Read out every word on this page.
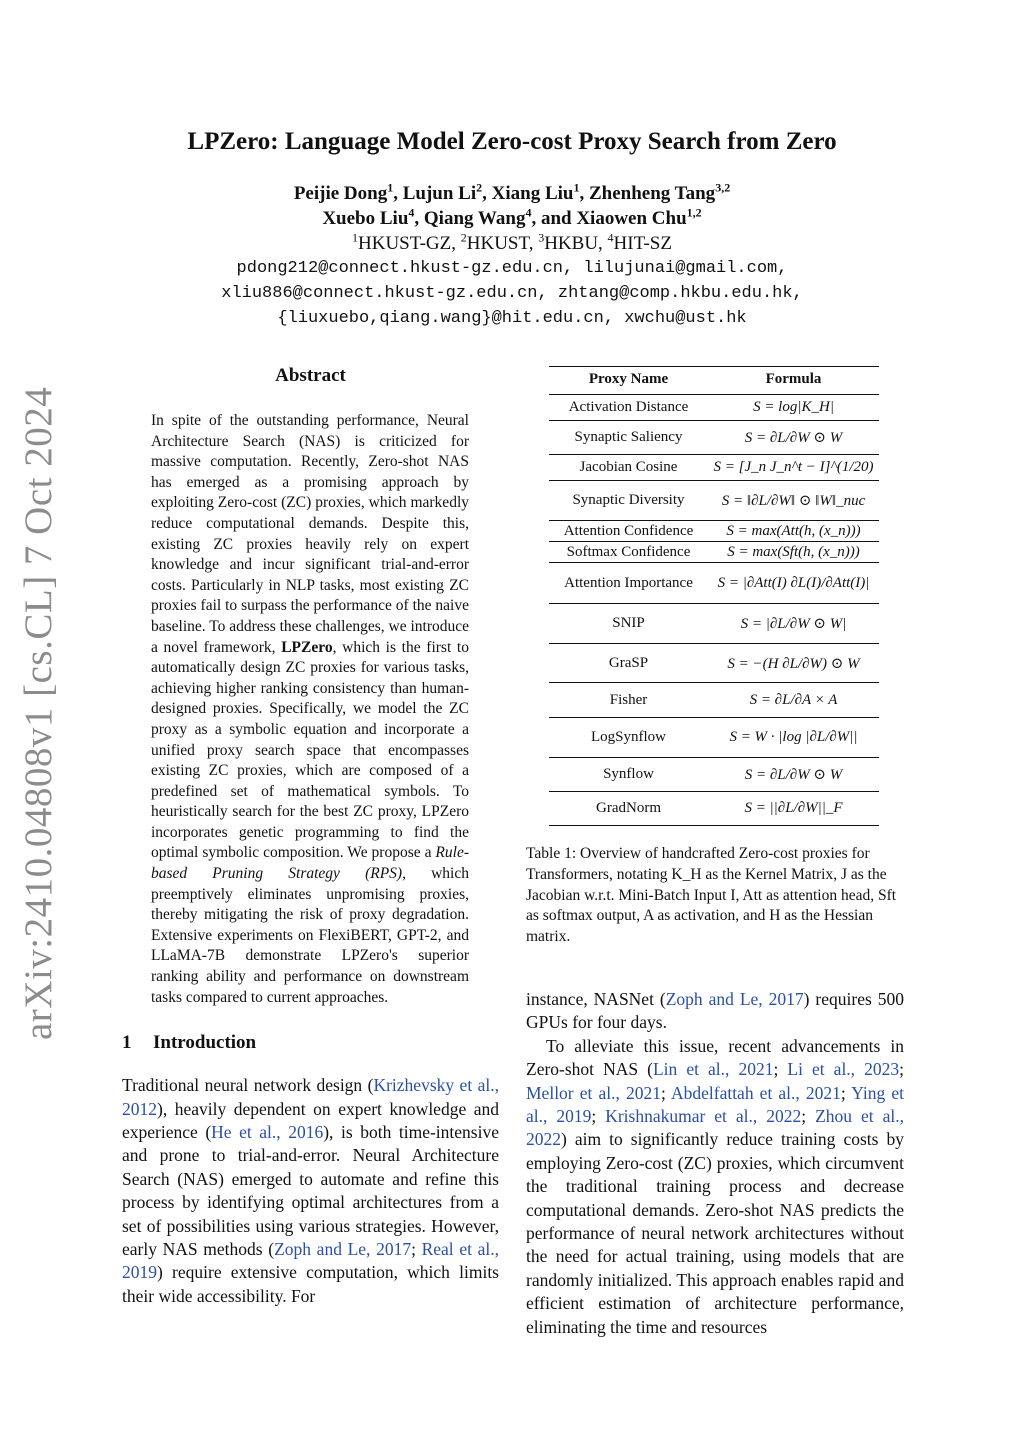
arXiv:2410.04808v1 [cs.CL] 7 Oct 2024
LPZero: Language Model Zero-cost Proxy Search from Zero
Peijie Dong$^1$, Lujun Li$^2$, Xiang Liu$^1$, Zhenheng Tang$^{3,2}$
Xuebo Liu$^4$, Qiang Wang$^4$, and Xiaowen Chu$^{1,2}$
$^1$HKUST-GZ, $^2$HKUST, $^3$HKBU, $^4$HIT-SZ
pdong212@connect.hkust-gz.edu.cn, lilujunai@gmail.com,
xliu886@connect.hkust-gz.edu.cn, zhtang@comp.hkbu.edu.hk,
{liuxuebo,qiang.wang}@hit.edu.cn, xwchu@ust.hk
Abstract
In spite of the outstanding performance, Neural Architecture Search (NAS) is criticized for massive computation. Recently, Zero-shot NAS has emerged as a promising approach by exploiting Zero-cost (ZC) proxies, which markedly reduce computational demands. Despite this, existing ZC proxies heavily rely on expert knowledge and incur significant trial-and-error costs. Particularly in NLP tasks, most existing ZC proxies fail to surpass the performance of the naive baseline. To address these challenges, we introduce a novel framework, LPZero, which is the first to automatically design ZC proxies for various tasks, achieving higher ranking consistency than human-designed proxies. Specifically, we model the ZC proxy as a symbolic equation and incorporate a unified proxy search space that encompasses existing ZC proxies, which are composed of a predefined set of mathematical symbols. To heuristically search for the best ZC proxy, LPZero incorporates genetic programming to find the optimal symbolic composition. We propose a Rule-based Pruning Strategy (RPS), which preemptively eliminates unpromising proxies, thereby mitigating the risk of proxy degradation. Extensive experiments on FlexiBERT, GPT-2, and LLaMA-7B demonstrate LPZero's superior ranking ability and performance on downstream tasks compared to current approaches.
1 Introduction
Traditional neural network design (Krizhevsky et al., 2012), heavily dependent on expert knowledge and experience (He et al., 2016), is both time-intensive and prone to trial-and-error. Neural Architecture Search (NAS) emerged to automate and refine this process by identifying optimal architectures from a set of possibilities using various strategies. However, early NAS methods (Zoph and Le, 2017; Real et al., 2019) require extensive computation, which limits their wide accessibility. For
Proxy Name	Formula
Activation Distance	S = log|K_H|
Synaptic Saliency	S = ∂L/∂W ⊙ W
Jacobian Cosine	S = [J_n J_n^t − I]^(1/20)
Synaptic Diversity	S = ‖∂L/∂W‖ ⊙ ‖W‖_nuc
Attention Confidence	S = max(Att(h, (x_n)))
Softmax Confidence	S = max(Sft(h, (x_n)))
Attention Importance	S = |∂Att(I) ∂L(I)/∂Att(I)|
SNIP	S = |∂L/∂W ⊙ W|
GraSP	S = −(H ∂L/∂W) ⊙ W
Fisher	S = ∂L/∂A × A
LogSynflow	S = W · |log |∂L/∂W||
Synflow	S = ∂L/∂W ⊙ W
GradNorm	S = ||∂L/∂W||_F
Table 1: Overview of handcrafted Zero-cost proxies for Transformers, notating K_H as the Kernel Matrix, J as the Jacobian w.r.t. Mini-Batch Input I, Att as attention head, Sft as softmax output, A as activation, and H as the Hessian matrix.

instance, NASNet (Zoph and Le, 2017) requires 500 GPUs for four days.

To alleviate this issue, recent advancements in Zero-shot NAS (Lin et al., 2021; Li et al., 2023; Mellor et al., 2021; Abdelfattah et al., 2021; Ying et al., 2019; Krishnakumar et al., 2022; Zhou et al., 2022) aim to significantly reduce training costs by employing Zero-cost (ZC) proxies, which circumvent the traditional training process and decrease computational demands. Zero-shot NAS predicts the performance of neural network architectures without the need for actual training, using models that are randomly initialized. This approach enables rapid and efficient estimation of architecture performance, eliminating the time and resources
